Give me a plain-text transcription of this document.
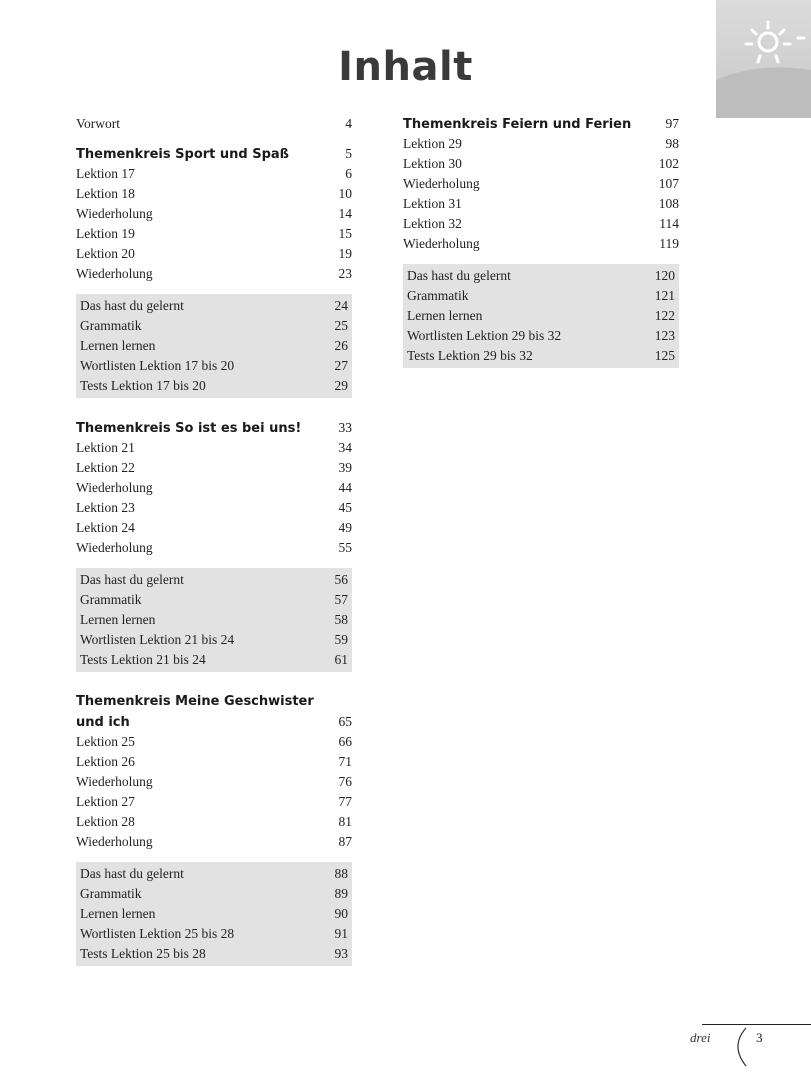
Inhalt
Vorwort	4
Themenkreis Sport und Spaß	5
Lektion 17	6
Lektion 18	10
Wiederholung	14
Lektion 19	15
Lektion 20	19
Wiederholung	23
Das hast du gelernt	24
Grammatik	25
Lernen lernen	26
Wortlisten Lektion 17 bis 20	27
Tests Lektion 17 bis 20	29
Themenkreis So ist es bei uns!	33
Lektion 21	34
Lektion 22	39
Wiederholung	44
Lektion 23	45
Lektion 24	49
Wiederholung	55
Das hast du gelernt	56
Grammatik	57
Lernen lernen	58
Wortlisten Lektion 21 bis 24	59
Tests Lektion 21 bis 24	61
Themenkreis Meine Geschwister
und ich	65
Lektion 25	66
Lektion 26	71
Wiederholung	76
Lektion 27	77
Lektion 28	81
Wiederholung	87
Das hast du gelernt	88
Grammatik	89
Lernen lernen	90
Wortlisten Lektion 25 bis 28	91
Tests Lektion 25 bis 28	93
Themenkreis Feiern und Ferien	97
Lektion 29	98
Lektion 30	102
Wiederholung	107
Lektion 31	108
Lektion 32	114
Wiederholung	119
Das hast du gelernt	120
Grammatik	121
Lernen lernen	122
Wortlisten Lektion 29 bis 32	123
Tests Lektion 29 bis 32	125
drei	3
